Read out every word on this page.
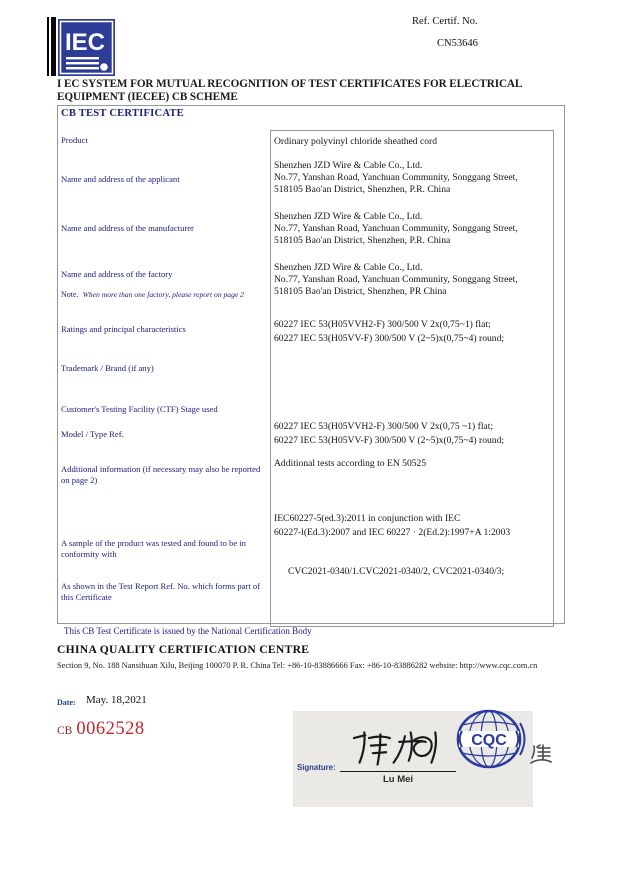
IEC
Ref. Certif. No.
CN53646
I EC SYSTEM FOR MUTUAL RECOGNITION OF TEST CERTIFICATES FOR ELECTRICAL EQUIPMENT (IECEE) CB SCHEME
CB TEST CERTIFICATE
Product
Name and address of the applicant
Name and address of the manufacturer
Name and address of the factory
Note. When more than one factory, please report on page 2
Ratings and principal characteristics
Trademark / Brand (if any)
Customer's Testing Facility (CTF) Stage used
Model / Type Ref.
Additional information (if necessary may also be reported on page 2)
A sample of the product was tested and found to be in conformity with
As shown in the Test Report Ref. No. which forms part of this Certificate
Ordinary polyvinyl chloride sheathed cord
Shenzhen JZD Wire & Cable Co., Ltd.
No.77, Yanshan Road, Yanchuan Community, Songgang Street,
518105 Bao'an District, Shenzhen, P.R. China
Shenzhen JZD Wire & Cable Co., Ltd.
No.77, Yanshan Road, Yanchuan Community, Songgang Street,
518105 Bao'an District, Shenzhen, P.R. China
Shenzhen JZD Wire & Cable Co., Ltd.
No.77, Yanshan Road, Yanchuan Community, Songgang Street,
518105 Bao'an District, Shenzhen, PR China
60227 IEC 53(H05VVH2-F) 300/500 V 2x(0,75~1) flat;
60227 IEC 53(H05VV-F) 300/500 V (2~5)x(0,75~4) round;
60227 IEC 53(H05VVH2-F) 300/500 V 2x(0,75 ~1) flat;
60227 IEC 53(H05VV-F) 300/500 V (2~5)x(0,75~4) round;
Additional tests according to EN 50525
IEC60227-5(ed.3):2011 in conjunction with IEC
60227-l(Ed.3):2007 and IEC 60227 · 2(Ed.2):1997+A 1:2003
CVC2021-0340/1.CVC2021-0340/2, CVC2021-0340/3;
This CB Test Certificate is issued by the National Certification Body
CHINA QUALITY CERTIFICATION CENTRE
Section 9, No. 188 Nansihuan Xilu, Beijing 100070 P. R. China Tel: +86-10-83886666 Fax: +86-10-83886282 website: http://www.cqc.com.cn
Date: May. 18,2021
CB 0062528
Signature:
Lu Mei
CQC
